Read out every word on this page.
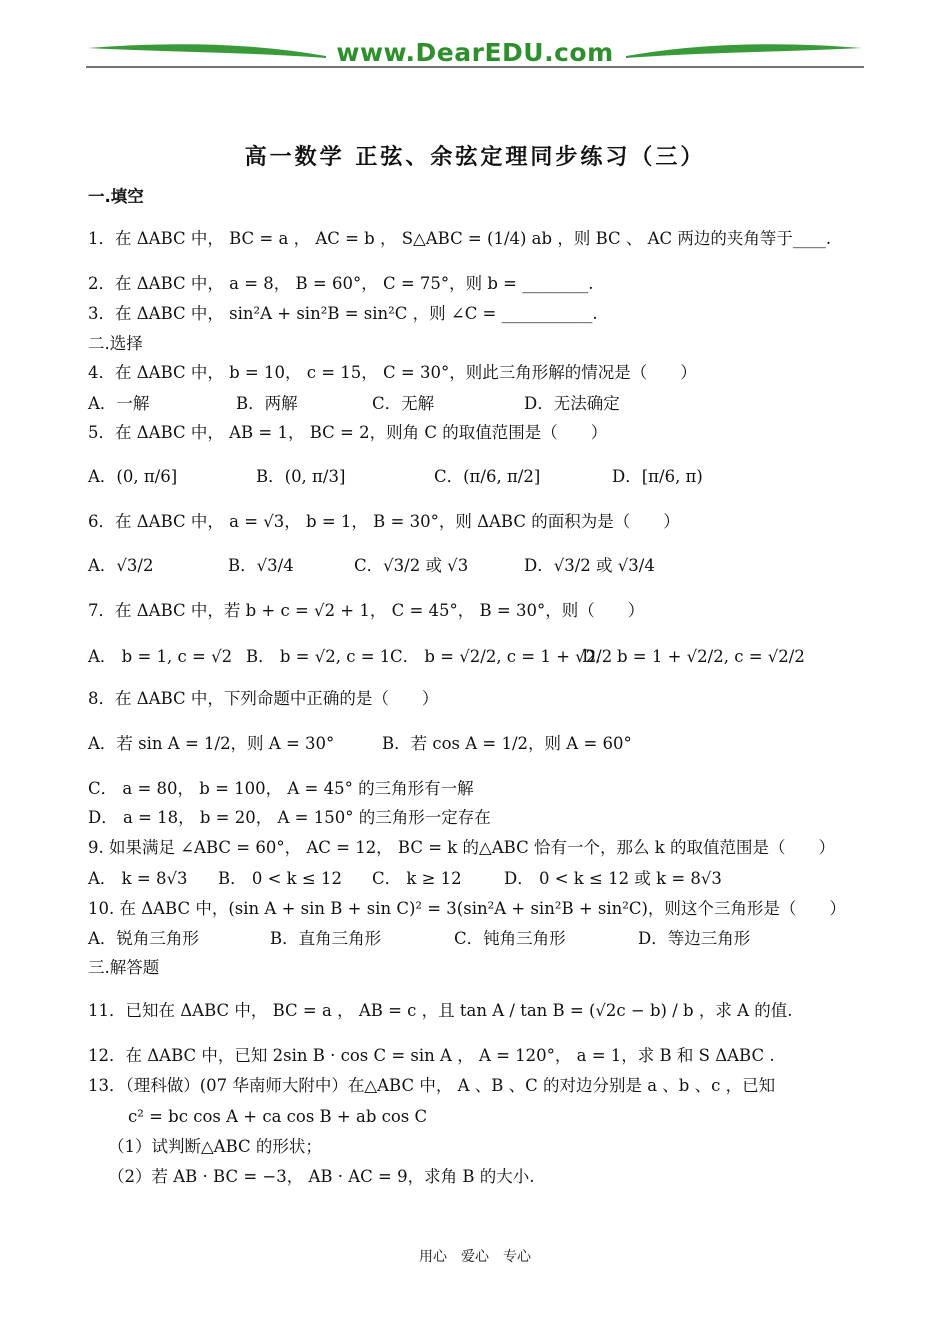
www.DearEDU.com
高一数学 正弦、余弦定理同步练习（三）
一.填空
1．在 ΔABC 中， BC = a ， AC = b ， S△ABC = (1/4) ab ，则 BC 、 AC 两边的夹角等于____.
2．在 ΔABC 中， a = 8， B = 60°， C = 75°，则 b = ________.
3．在 ΔABC 中， sin²A + sin²B = sin²C ，则 ∠C = ___________.
二.选择
4．在 ΔABC 中， b = 10， c = 15， C = 30°，则此三角形解的情况是（　　）
A．一解	B．两解	C．无解	D．无法确定
5．在 ΔABC 中， AB = 1， BC = 2，则角 C 的取值范围是（　　）
A．(0, π/6]	B．(0, π/3]	C．(π/6, π/2]	D．[π/6, π)
6．在 ΔABC 中， a = √3， b = 1， B = 30°，则 ΔABC 的面积为是（　　）
A．√3/2	B．√3/4	C．√3/2 或 √3	D．√3/2 或 √3/4
7．在 ΔABC 中，若 b + c = √2 + 1， C = 45°， B = 30°，则（　　）
A． b = 1, c = √2 B． b = √2, c = 1 C． b = √2/2, c = 1 + √2/2
D． b = 1 + √2/2, c = √2/2
8．在 ΔABC 中，下列命题中正确的是（　　）
A．若 sin A = 1/2，则 A = 30°	B．若 cos A = 1/2，则 A = 60°
C． a = 80， b = 100， A = 45° 的三角形有一解
D． a = 18， b = 20， A = 150° 的三角形一定存在
9. 如果满足 ∠ABC = 60°， AC = 12， BC = k 的△ABC 恰有一个，那么 k 的取值范围是（　　）
A． k = 8√3 B． 0 < k ≤ 12 C． k ≥ 12	D． 0 < k ≤ 12 或 k = 8√3
10. 在 ΔABC 中，(sin A + sin B + sin C)² = 3(sin²A + sin²B + sin²C)，则这个三角形是（　　）
A．锐角三角形	B．直角三角形	C．钝角三角形	D．等边三角形
三.解答题
11．已知在 ΔABC 中， BC = a ， AB = c ，且 tan A / tan B = (√2c − b) / b ，求 A 的值.
12．在 ΔABC 中，已知 2sin B · cos C = sin A ， A = 120°， a = 1，求 B 和 S ΔABC .
13．（理科做）(07 华南师大附中）在△ABC 中， A 、B 、C 的对边分别是 a 、b 、c ，已知
c² = bc cos A + ca cos B + ab cos C
（1）试判断△ABC 的形状；
（2）若 AB · BC = −3， AB · AC = 9，求角 B 的大小.
用心　爱心　专心
